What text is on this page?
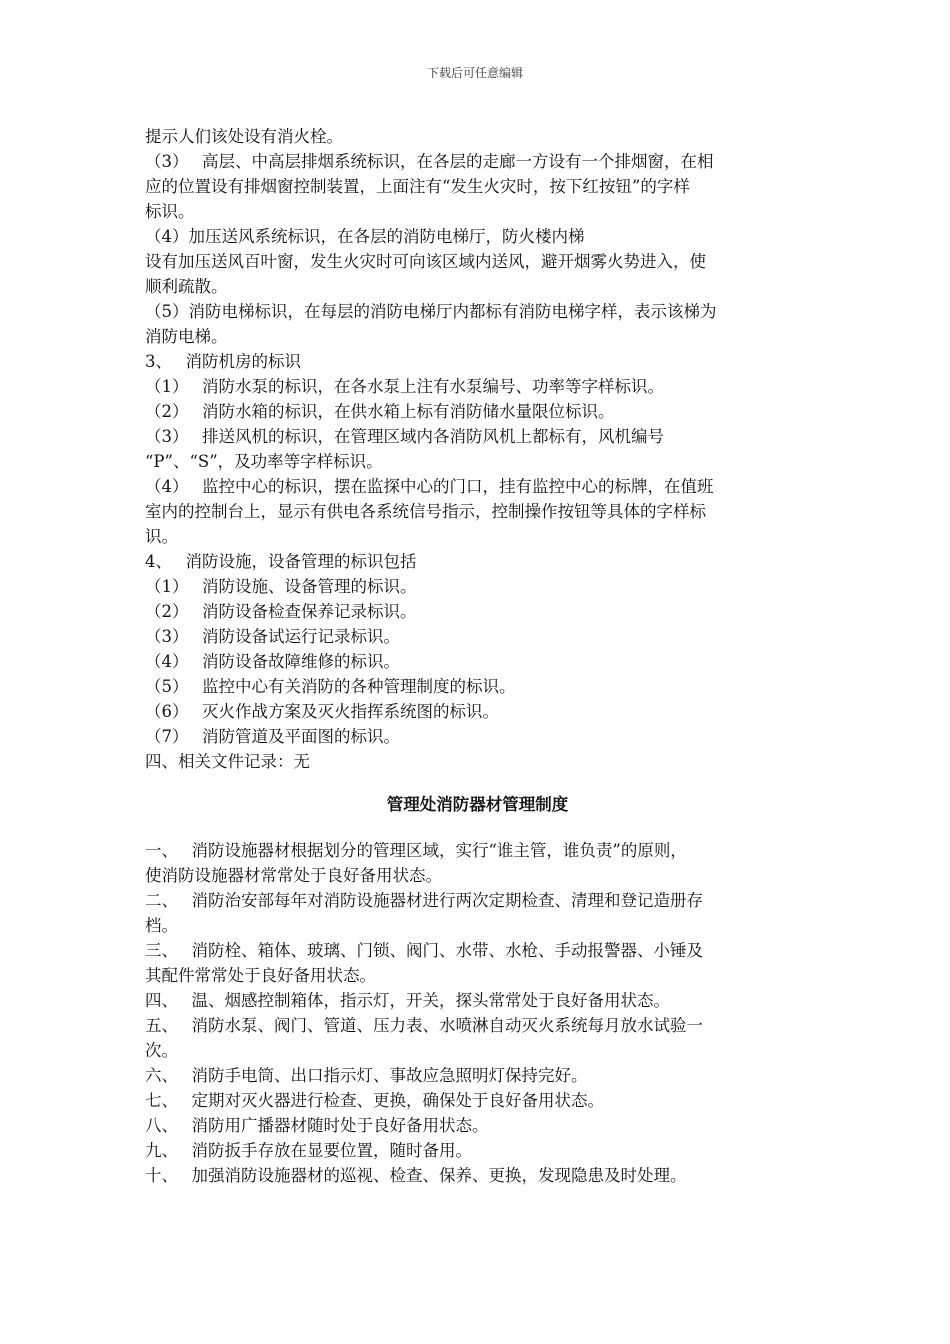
下载后可任意编辑
提示人们该处设有消火栓。
（3）　 高层、中高层排烟系统标识，在各层的走廊一方设有一个排烟窗，在相
应的位置设有排烟窗控制装置，上面注有“发生火灾时，按下红按钮”的字样
标识。
（4）加压送风系统标识，在各层的消防电梯厅，防火楼内梯
设有加压送风百叶窗，发生火灾时可向该区域内送风，避开烟雾火势进入，使
顺利疏散。
（5）消防电梯标识，在每层的消防电梯厅内都标有消防电梯字样，表示该梯为
消防电梯。
3、　 消防机房的标识
（1）　 消防水泵的标识，在各水泵上注有水泵编号、功率等字样标识。
（2）　 消防水箱的标识，在供水箱上标有消防储水量限位标识。
（3）　 排送风机的标识，在管理区域内各消防风机上都标有，风机编号
“P”、“S”，及功率等字样标识。
（4）　 监控中心的标识，摆在监探中心的门口，挂有监控中心的标牌，在值班
室内的控制台上，显示有供电各系统信号指示，控制操作按钮等具体的字样标
识。
4、　 消防设施，设备管理的标识包括
（1）　 消防设施、设备管理的标识。
（2）　 消防设备检查保养记录标识。
（3）　 消防设备试运行记录标识。
（4）　 消防设备故障维修的标识。
（5）　 监控中心有关消防的各种管理制度的标识。
（6）　 灭火作战方案及灭火指挥系统图的标识。
（7）　 消防管道及平面图的标识。
四、相关文件记录：无
管理处消防器材管理制度
一、　 消防设施器材根据划分的管理区域，实行“谁主管，谁负责”的原则，
使消防设施器材常常处于良好备用状态。
二、　 消防治安部每年对消防设施器材进行两次定期检查、清理和登记造册存
档。
三、　 消防栓、箱体、玻璃、门锁、阀门、水带、水枪、手动报警器、小锤及
其配件常常处于良好备用状态。
四、　 温、烟感控制箱体，指示灯，开关，探头常常处于良好备用状态。
五、　 消防水泵、阀门、管道、压力表、水喷淋自动灭火系统每月放水试验一
次。
六、　 消防手电筒、出口指示灯、事故应急照明灯保持完好。
七、　 定期对灭火器进行检查、更换，确保处于良好备用状态。
八、　 消防用广播器材随时处于良好备用状态。
九、　 消防扳手存放在显要位置，随时备用。
十、　 加强消防设施器材的巡视、检查、保养、更换，发现隐患及时处理。
